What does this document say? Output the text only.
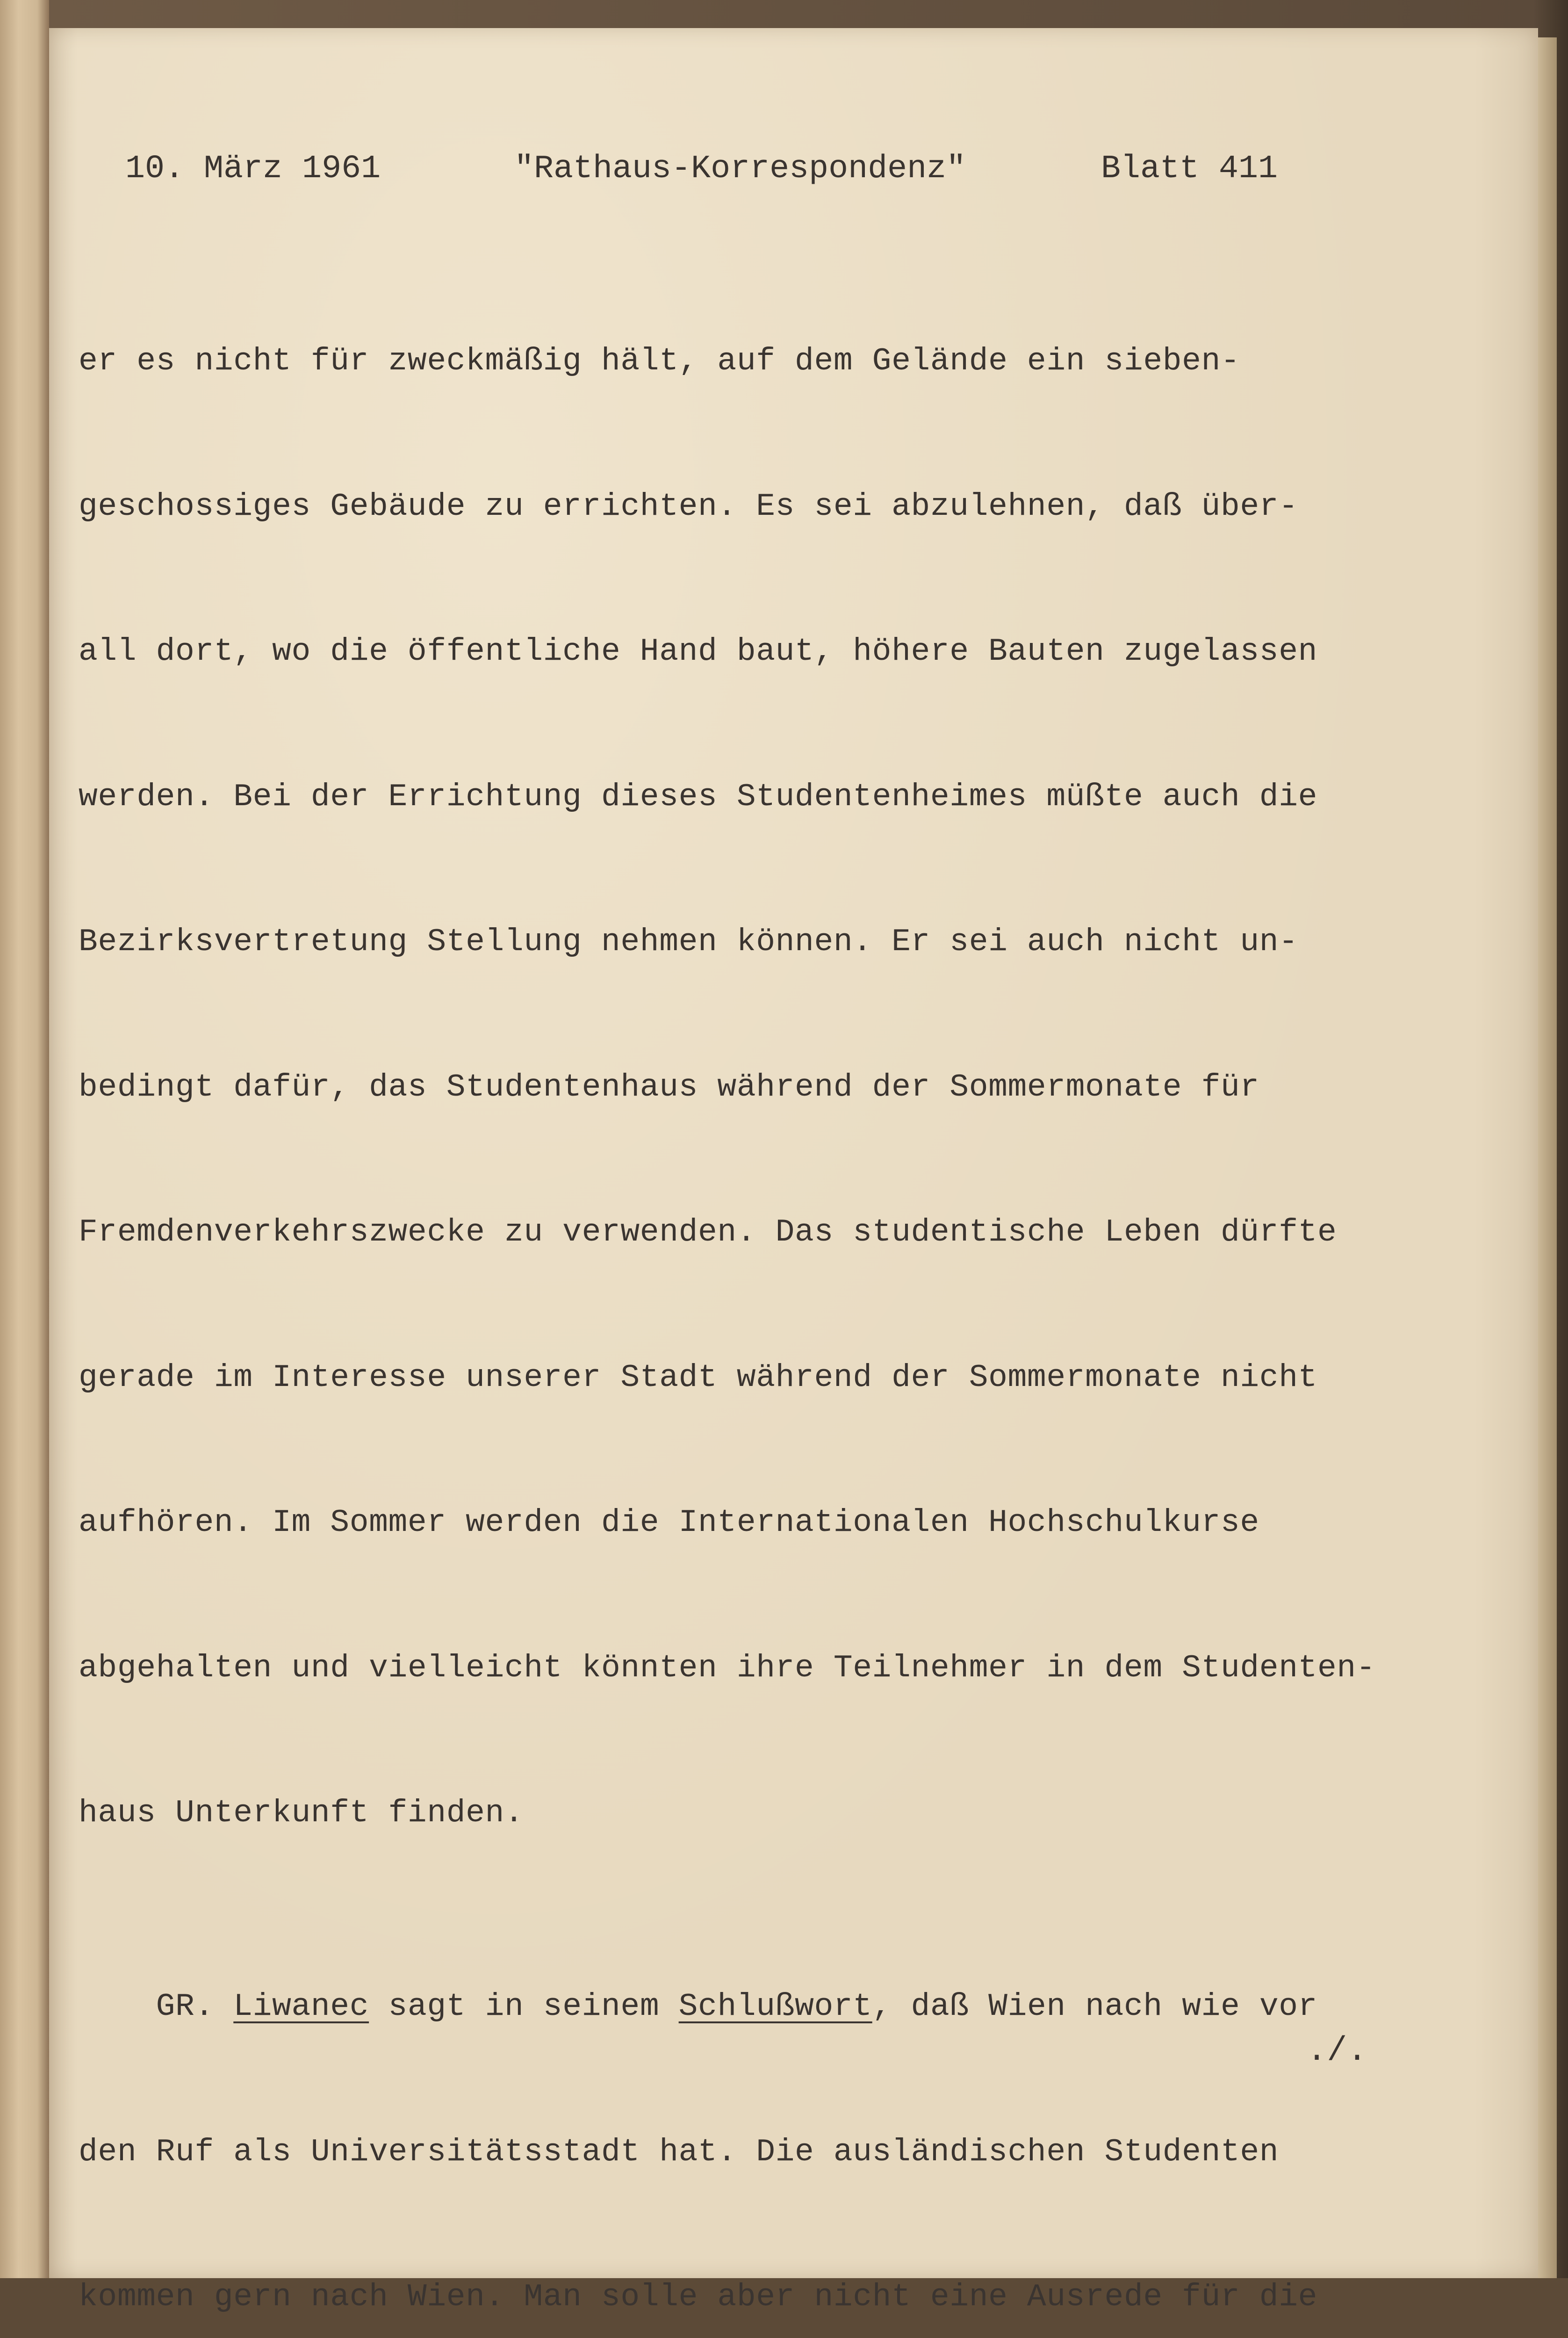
10. März 1961	"Rathaus-Korrespondenz"	Blatt 411

er es nicht für zweckmäßig hält, auf dem Gelände ein sieben-

geschossiges Gebäude zu errichten. Es sei abzulehnen, daß über-

all dort, wo die öffentliche Hand baut, höhere Bauten zugelassen

werden. Bei der Errichtung dieses Studentenheimes müßte auch die

Bezirksvertretung Stellung nehmen können. Er sei auch nicht un-

bedingt dafür, das Studentenhaus während der Sommermonate für

Fremdenverkehrszwecke zu verwenden. Das studentische Leben dürfte

gerade im Interesse unserer Stadt während der Sommermonate nicht

aufhören. Im Sommer werden die Internationalen Hochschulkurse

abgehalten und vielleicht könnten ihre Teilnehmer in dem Studenten-

haus Unterkunft finden.

GR. Liwanec sagt in seinem Schlußwort, daß Wien nach wie vor

den Ruf als Universitätsstadt hat. Die ausländischen Studenten

kommen gern nach Wien. Man solle aber nicht eine Ausrede für die

./.
